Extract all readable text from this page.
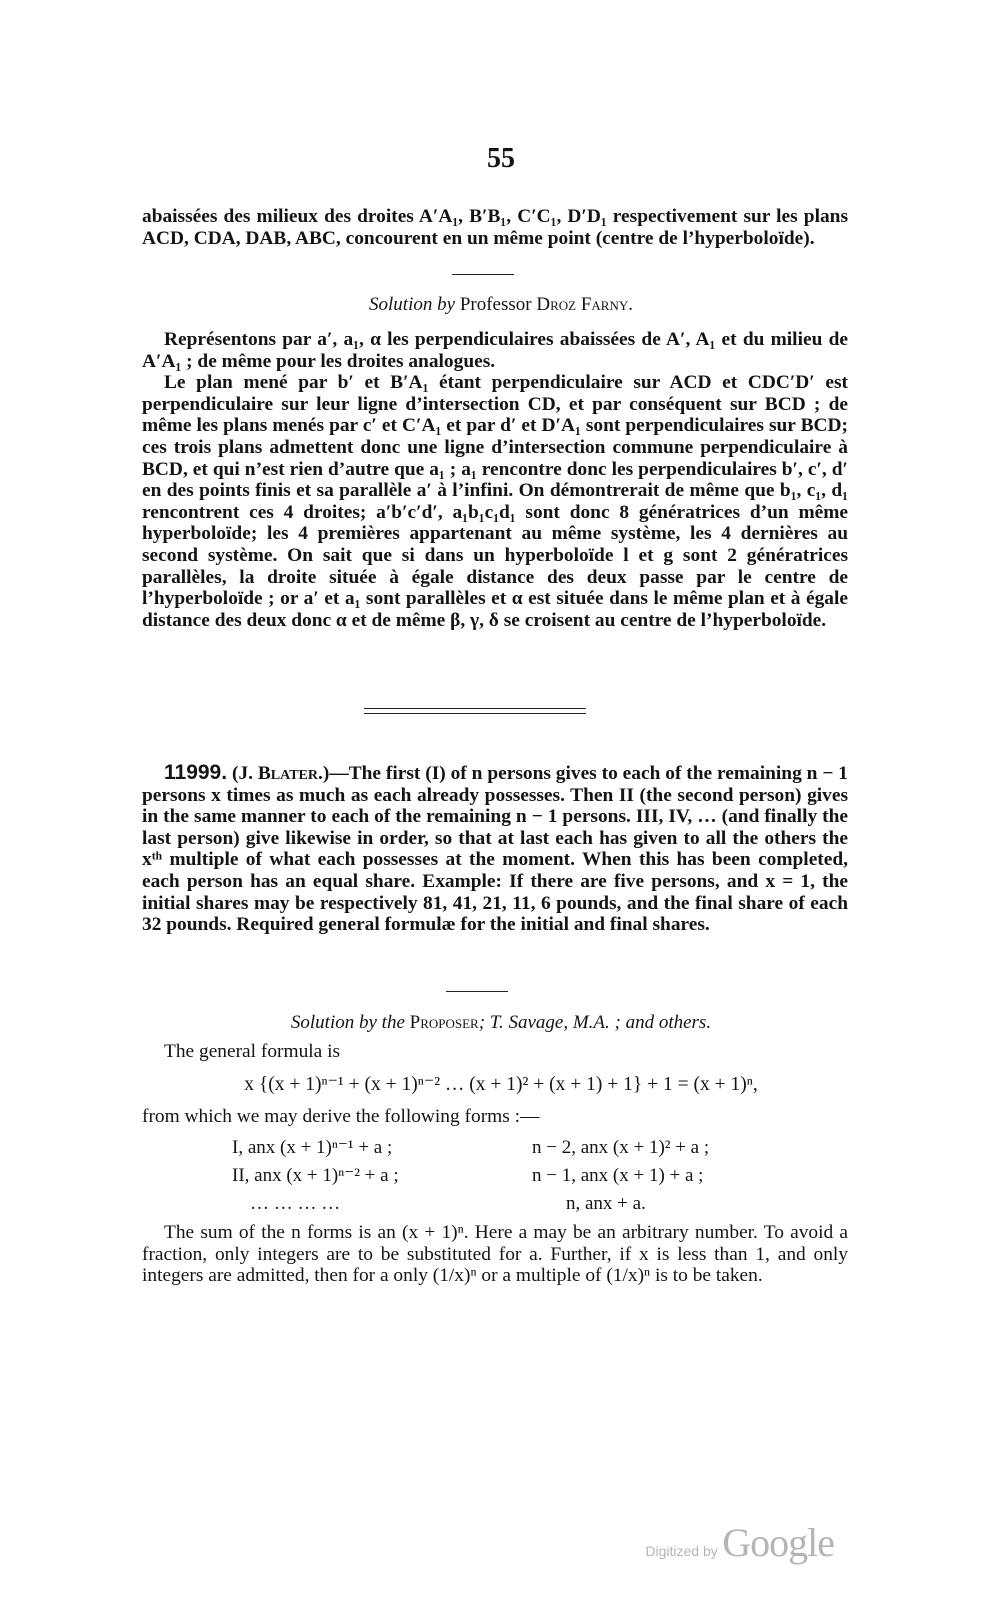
55

abaissées des milieux des droites A′A₁, B′B₁, C′C₁, D′D₁ respectivement sur les plans ACD, CDA, DAB, ABC, concourent en un même point (centre de l’hyperboloïde).

Solution by Professor Droz Farny.

Représentons par a′, a₁, α les perpendiculaires abaissées de A′, A₁ et du milieu de A′A₁ ; de même pour les droites analogues.

Le plan mené par b′ et B′A₁ étant perpendiculaire sur ACD et CDC′D′ est perpendiculaire sur leur ligne d’intersection CD, et par conséquent sur BCD ; de même les plans menés par c′ et C′A₁ et par d′ et D′A₁ sont perpendiculaires sur BCD; ces trois plans admettent donc une ligne d’intersection commune perpendiculaire à BCD, et qui n’est rien d’autre que a₁ ; a₁ rencontre donc les perpendiculaires b′, c′, d′ en des points finis et sa parallèle a′ à l’infini. On démontrerait de même que b₁, c₁, d₁ rencontrent ces 4 droites; a′b′c′d′, a₁b₁c₁d₁ sont donc 8 génératrices d’un même hyperboloïde; les 4 premières appartenant au même système, les 4 dernières au second système. On sait que si dans un hyperboloïde l et g sont 2 génératrices parallèles, la droite située à égale distance des deux passe par le centre de l’hyperboloïde ; or a′ et a₁ sont parallèles et α est située dans le même plan et à égale distance des deux donc α et de même β, γ, δ se croisent au centre de l’hyperboloïde.

11999. (J. Blater.)—The first (I) of n persons gives to each of the remaining n − 1 persons x times as much as each already possesses. Then II (the second person) gives in the same manner to each of the remaining n − 1 persons. III, IV, … (and finally the last person) give likewise in order, so that at last each has given to all the others the xᵗʰ multiple of what each possesses at the moment. When this has been completed, each person has an equal share. Example: If there are five persons, and x = 1, the initial shares may be respectively 81, 41, 21, 11, 6 pounds, and the final share of each 32 pounds. Required general formulæ for the initial and final shares.

Solution by the Proposer; T. Savage, M.A. ; and others.

The general formula is

x {(x + 1)ⁿ⁻¹ + (x + 1)ⁿ⁻² … (x + 1)² + (x + 1) + 1} + 1 = (x + 1)ⁿ,

from which we may derive the following forms :—

I, anx (x + 1)ⁿ⁻¹ + a ;
II, anx (x + 1)ⁿ⁻² + a ;
… … … …
n − 2, anx (x + 1)² + a ;
n − 1, anx (x + 1) + a ;
n, anx + a.

The sum of the n forms is an (x + 1)ⁿ. Here a may be an arbitrary number. To avoid a fraction, only integers are to be substituted for a. Further, if x is less than 1, and only integers are admitted, then for a only (1/x)ⁿ or a multiple of (1/x)ⁿ is to be taken.

Digitized by Google
